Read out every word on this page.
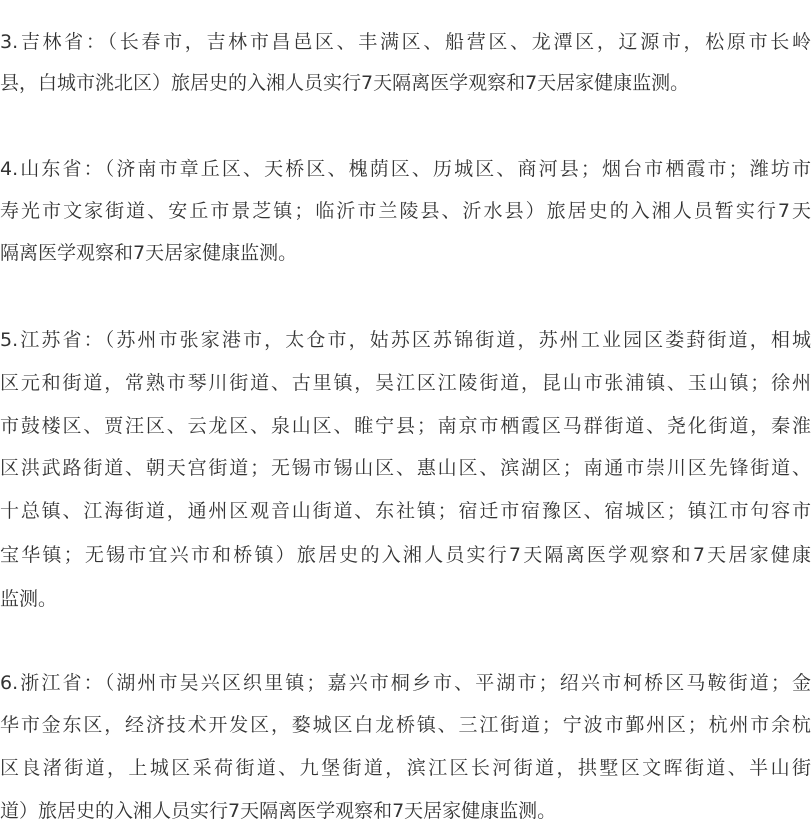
3.吉林省：（长春市，吉林市昌邑区、丰满区、船营区、龙潭区，辽源市，松原市长岭
县，白城市洮北区）旅居史的入湘人员实行7天隔离医学观察和7天居家健康监测。
4.山东省：（济南市章丘区、天桥区、槐荫区、历城区、商河县；烟台市栖霞市；潍坊市
寿光市文家街道、安丘市景芝镇；临沂市兰陵县、沂水县）旅居史的入湘人员暂实行7天
隔离医学观察和7天居家健康监测。
5.江苏省：（苏州市张家港市，太仓市，姑苏区苏锦街道，苏州工业园区娄葑街道，相城
区元和街道，常熟市琴川街道、古里镇，吴江区江陵街道，昆山市张浦镇、玉山镇；徐州
市鼓楼区、贾汪区、云龙区、泉山区、睢宁县；南京市栖霞区马群街道、尧化街道，秦淮
区洪武路街道、朝天宫街道；无锡市锡山区、惠山区、滨湖区；南通市崇川区先锋街道、
十总镇、江海街道，通州区观音山街道、东社镇；宿迁市宿豫区、宿城区；镇江市句容市
宝华镇；无锡市宜兴市和桥镇）旅居史的入湘人员实行7天隔离医学观察和7天居家健康
监测。
6.浙江省：（湖州市吴兴区织里镇；嘉兴市桐乡市、平湖市；绍兴市柯桥区马鞍街道；金
华市金东区，经济技术开发区，婺城区白龙桥镇、三江街道；宁波市鄞州区；杭州市余杭
区良渚街道，上城区采荷街道、九堡街道，滨江区长河街道，拱墅区文晖街道、半山街
道）旅居史的入湘人员实行7天隔离医学观察和7天居家健康监测。
